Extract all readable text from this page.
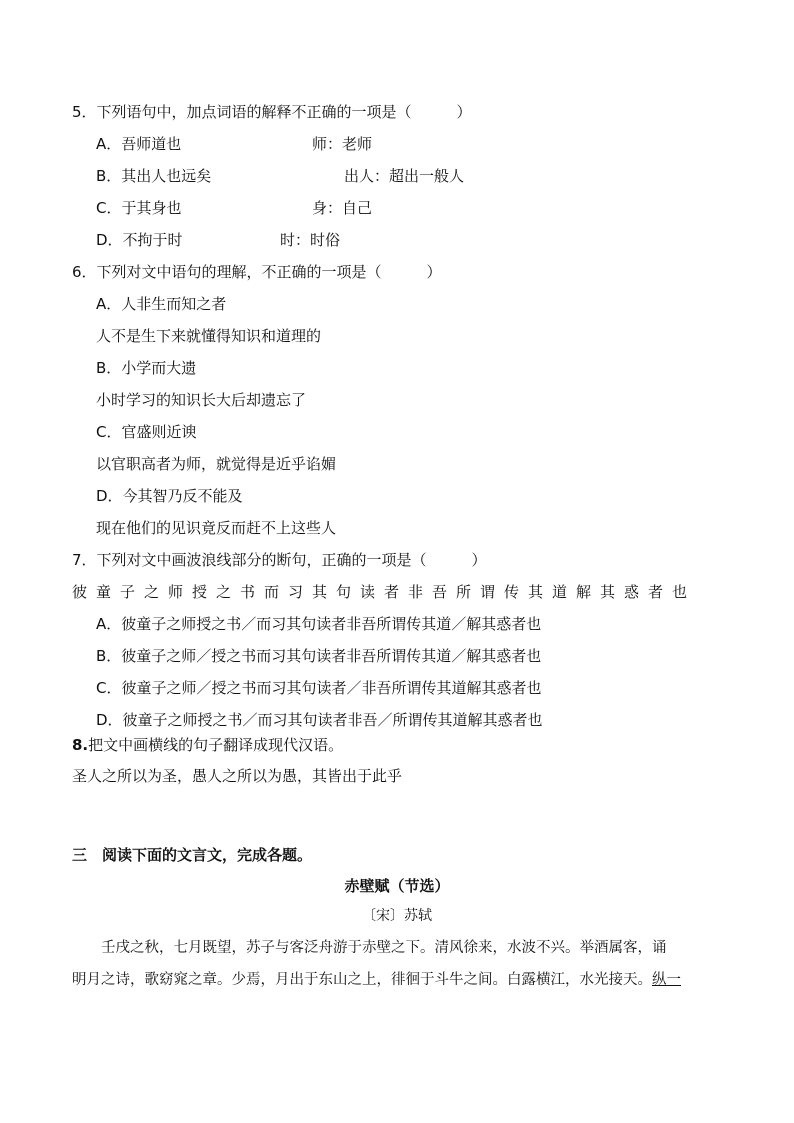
5．下列语句中，加点词语的解释不正确的一项是（　　　）
A．吾师道也	师：老师
B．其出人也远矣	出人：超出一般人
C．于其身也	身：自己
D．不拘于时	时：时俗
6．下列对文中语句的理解，不正确的一项是（　　　）
A．人非生而知之者
人不是生下来就懂得知识和道理的
B．小学而大遗
小时学习的知识长大后却遗忘了
C．官盛则近谀
以官职高者为师，就觉得是近乎谄媚
D．今其智乃反不能及
现在他们的见识竟反而赶不上这些人
7．下列对文中画波浪线部分的断句，正确的一项是（　　　）
彼童子之师授之书而习其句读者非吾所谓传其道解其惑者也
A．彼童子之师授之书／而习其句读者非吾所谓传其道／解其惑者也
B．彼童子之师／授之书而习其句读者非吾所谓传其道／解其惑者也
C．彼童子之师／授之书而习其句读者／非吾所谓传其道解其惑者也
D．彼童子之师授之书／而习其句读者非吾／所谓传其道解其惑者也
8.把文中画横线的句子翻译成现代汉语。
圣人之所以为圣，愚人之所以为愚，其皆出于此乎
三　阅读下面的文言文，完成各题。
赤壁赋（节选）
〔宋〕苏轼
壬戌之秋，七月既望，苏子与客泛舟游于赤壁之下。清风徐来，水波不兴。举酒属客，诵
明月之诗，歌窈窕之章。少焉，月出于东山之上，徘徊于斗牛之间。白露横江，水光接天。纵一
